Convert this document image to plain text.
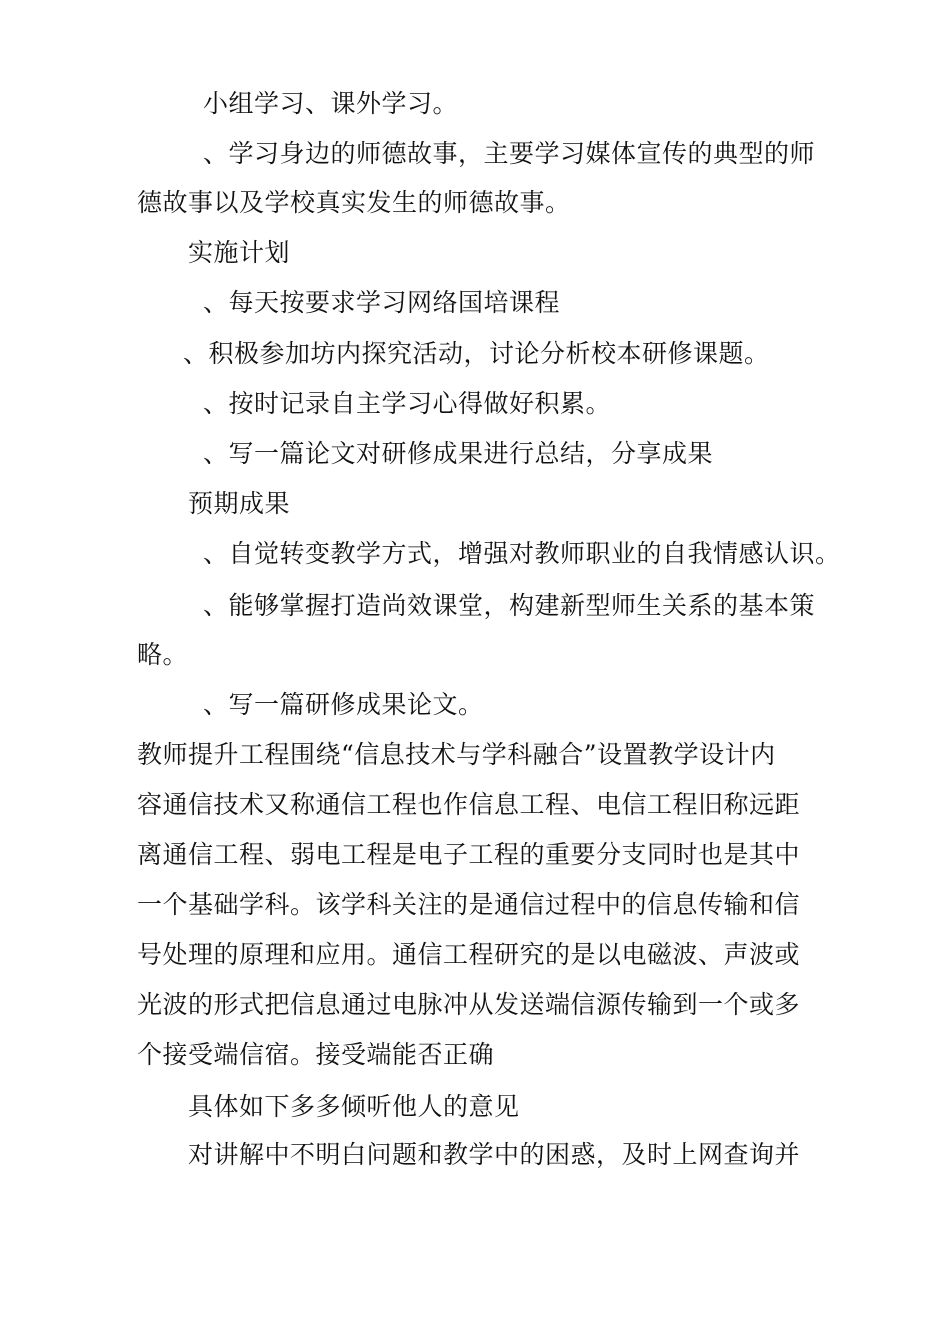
小组学习、课外学习。
、学习身边的师德故事，主要学习媒体宣传的典型的师
德故事以及学校真实发生的师德故事。
实施计划
、每天按要求学习网络国培课程
、积极参加坊内探究活动，讨论分析校本研修课题。
、按时记录自主学习心得做好积累。
、写一篇论文对研修成果进行总结，分享成果
预期成果
、自觉转变教学方式，增强对教师职业的自我情感认识。
、能够掌握打造尚效课堂，构建新型师生关系的基本策
略。
、写一篇研修成果论文。
教师提升工程围绕“信息技术与学科融合”设置教学设计内
容通信技术又称通信工程也作信息工程、电信工程旧称远距
离通信工程、弱电工程是电子工程的重要分支同时也是其中
一个基础学科。该学科关注的是通信过程中的信息传输和信
号处理的原理和应用。通信工程研究的是以电磁波、声波或
光波的形式把信息通过电脉冲从发送端信源传输到一个或多
个接受端信宿。接受端能否正确
具体如下多多倾听他人的意见
对讲解中不明白问题和教学中的困惑，及时上网查询并
